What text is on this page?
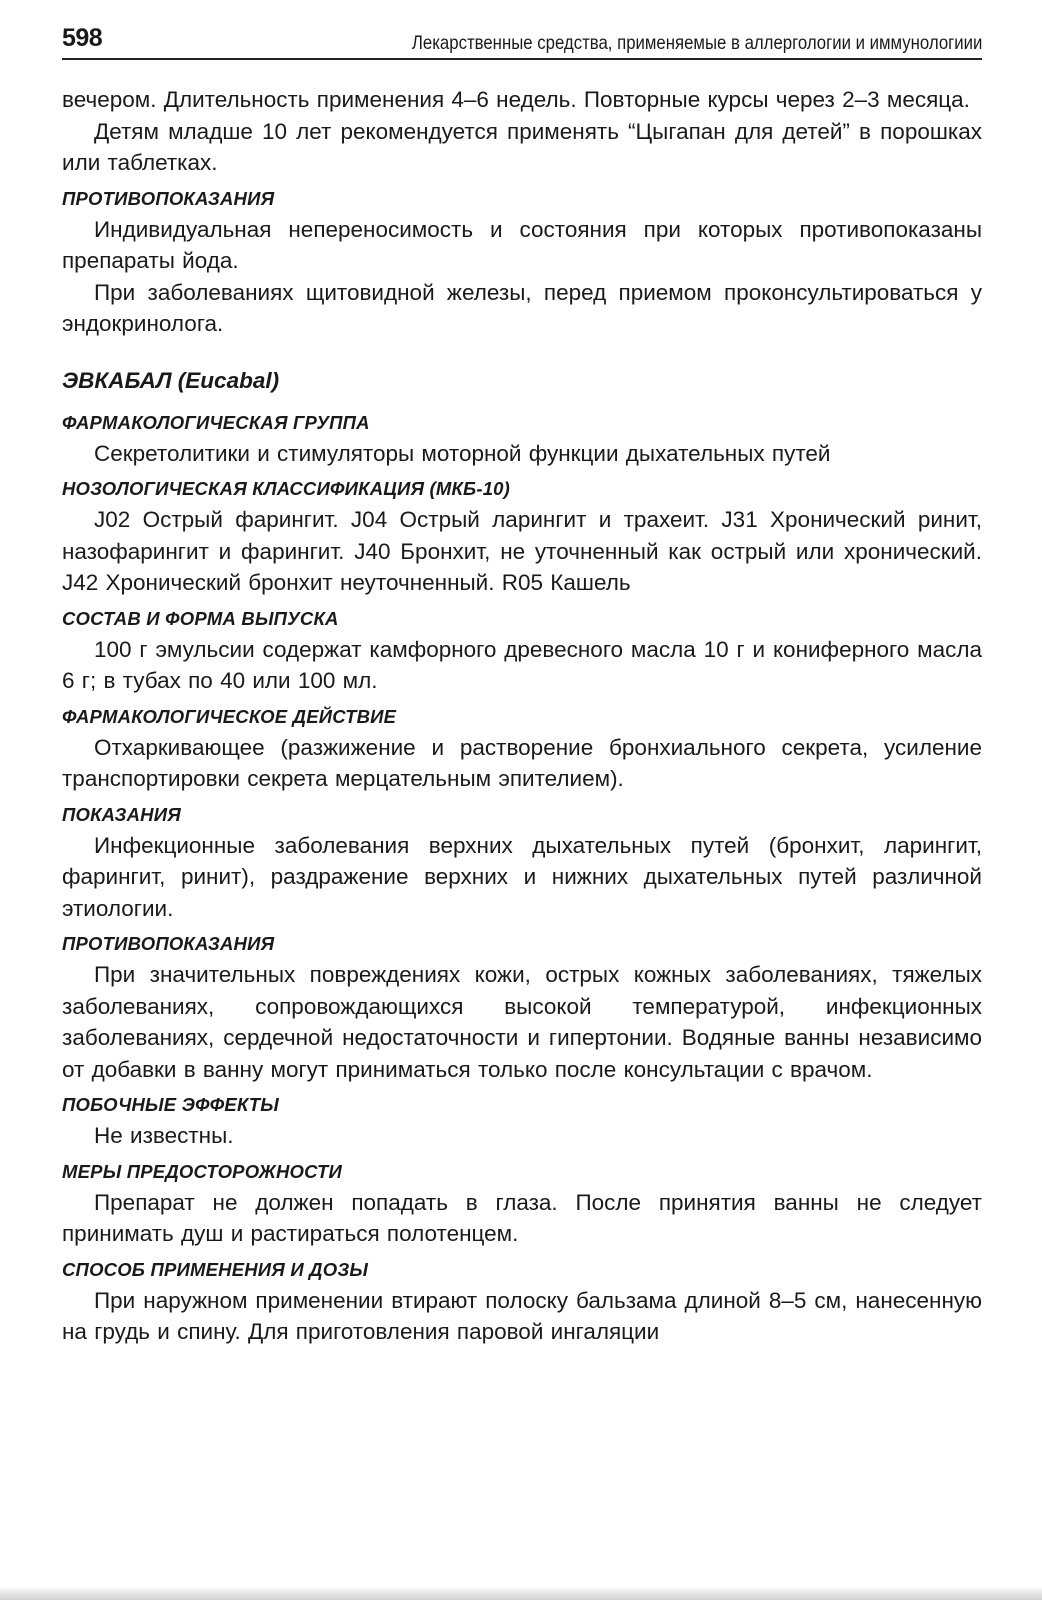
598	Лекарственные средства, применяемые в аллергологии и иммунологиии

вечером. Длительность применения 4–6 недель. Повторные курсы через 2–3 месяца.

Детям младше 10 лет рекомендуется применять “Цыгапан для детей” в порошках или таблетках.

ПРОТИВОПОКАЗАНИЯ

Индивидуальная непереносимость и состояния при которых противопоказаны препараты йода.

При заболеваниях щитовидной железы, перед приемом проконсультироваться у эндокринолога.

ЭВКАБАЛ (Eucabal)
ФАРМАКОЛОГИЧЕСКАЯ ГРУППА

Секретолитики и стимуляторы моторной функции дыхательных путей

НОЗОЛОГИЧЕСКАЯ КЛАССИФИКАЦИЯ (МКБ-10)

J02 Острый фарингит. J04 Острый ларингит и трахеит. J31 Хронический ринит, назофарингит и фарингит. J40 Бронхит, не уточненный как острый или хронический. J42 Хронический бронхит неуточненный. R05 Кашель

СОСТАВ И ФОРМА ВЫПУСКА

100 г эмульсии содержат камфорного древесного масла 10 г и кониферного масла 6 г; в тубах по 40 или 100 мл.

ФАРМАКОЛОГИЧЕСКОЕ ДЕЙСТВИЕ

Отхаркивающее (разжижение и растворение бронхиального секрета, усиление транспортировки секрета мерцательным эпителием).

ПОКАЗАНИЯ

Инфекционные заболевания верхних дыхательных путей (бронхит, ларингит, фарингит, ринит), раздражение верхних и нижних дыхательных путей различной этиологии.

ПРОТИВОПОКАЗАНИЯ

При значительных повреждениях кожи, острых кожных заболеваниях, тяжелых заболеваниях, сопровождающихся высокой температурой, инфекционных заболеваниях, сердечной недостаточности и гипертонии. Водяные ванны независимо от добавки в ванну могут приниматься только после консультации с врачом.

ПОБОЧНЫЕ ЭФФЕКТЫ

Не известны.

МЕРЫ ПРЕДОСТОРОЖНОСТИ

Препарат не должен попадать в глаза. После принятия ванны не следует принимать душ и растираться полотенцем.

СПОСОБ ПРИМЕНЕНИЯ И ДОЗЫ

При наружном применении втирают полоску бальзама длиной 8–5 см, нанесенную на грудь и спину. Для приготовления паровой ингаляции
